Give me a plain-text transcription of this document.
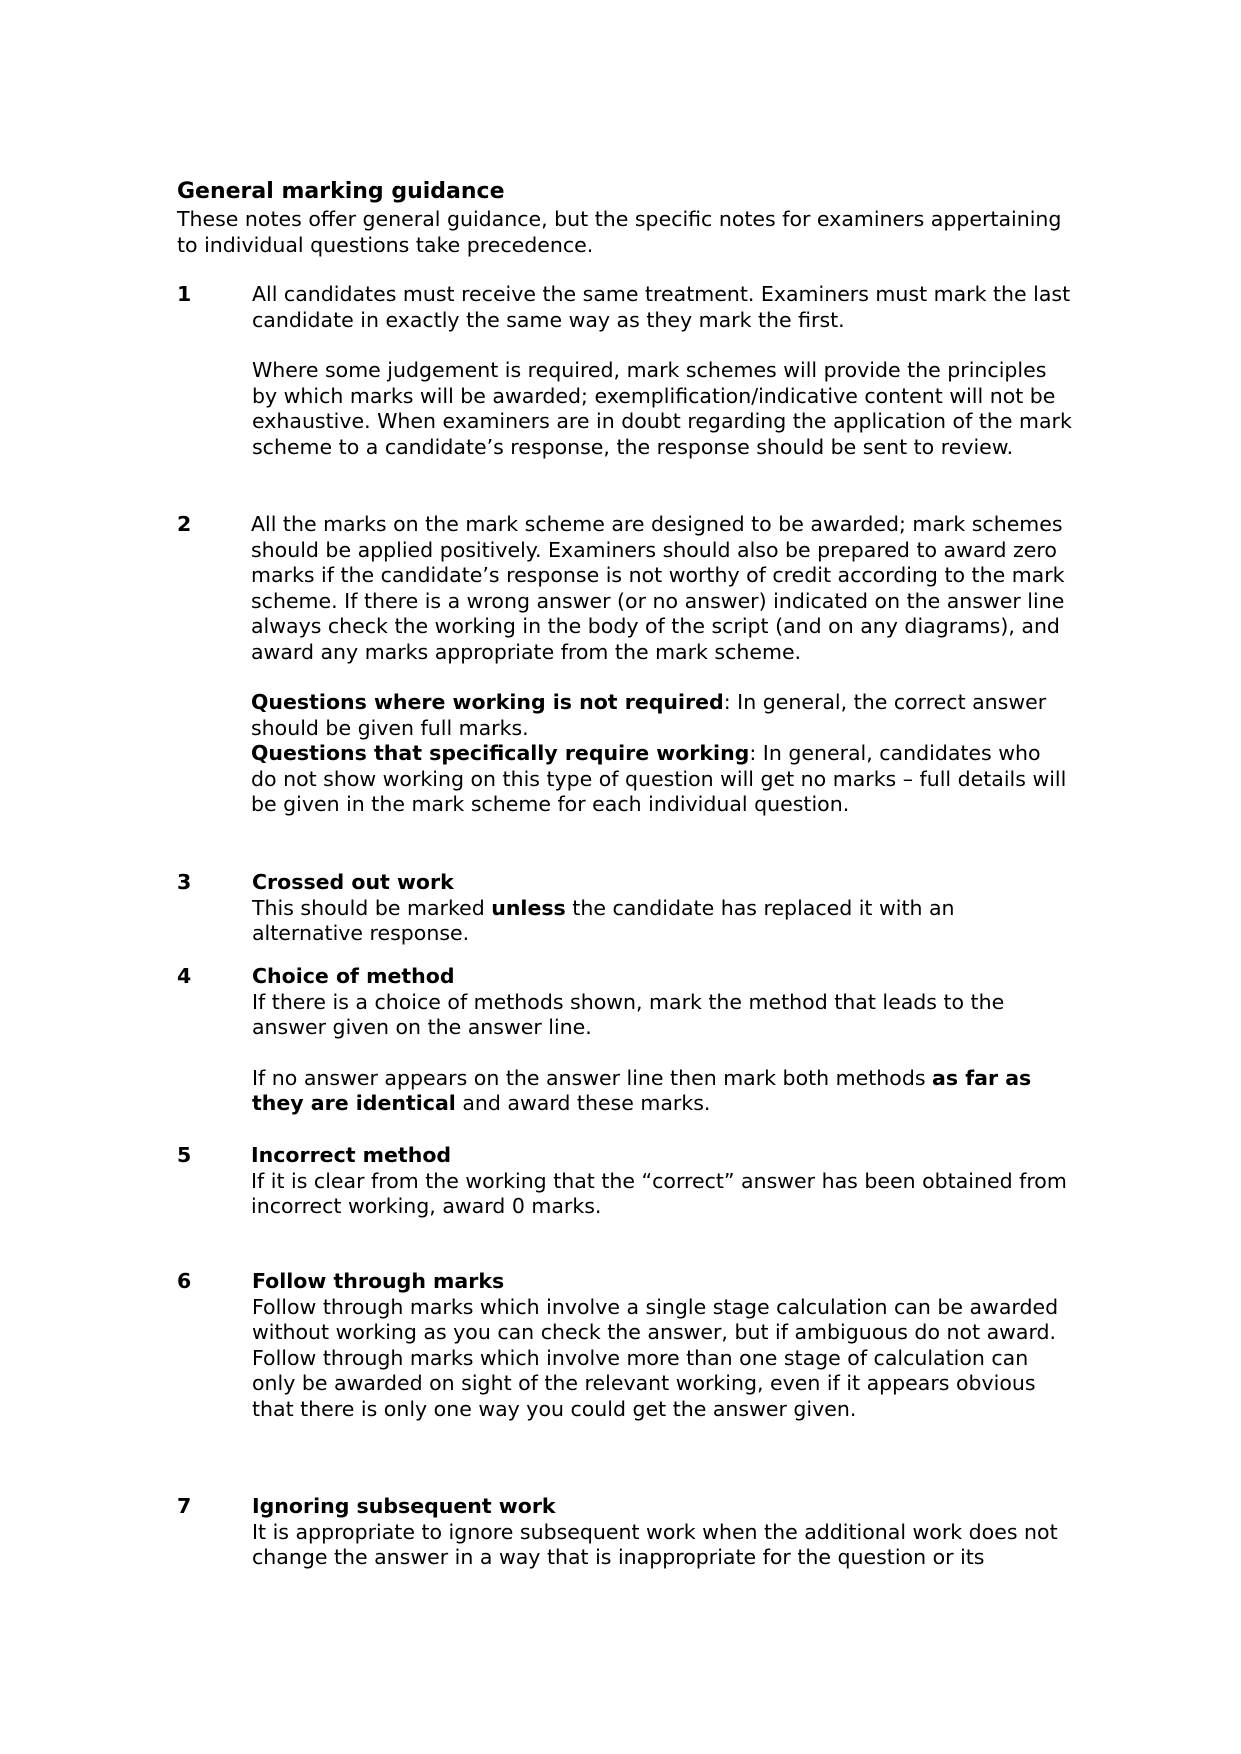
General marking guidance
These notes offer general guidance, but the specific notes for examiners appertaining to individual questions take precedence.
1	All candidates must receive the same treatment. Examiners must mark the last candidate in exactly the same way as they mark the first.

Where some judgement is required, mark schemes will provide the principles by which marks will be awarded; exemplification/indicative content will not be exhaustive. When examiners are in doubt regarding the application of the mark scheme to a candidate’s response, the response should be sent to review.

2	All the marks on the mark scheme are designed to be awarded; mark schemes should be applied positively. Examiners should also be prepared to award zero marks if the candidate’s response is not worthy of credit according to the mark scheme. If there is a wrong answer (or no answer) indicated on the answer line always check the working in the body of the script (and on any diagrams), and award any marks appropriate from the mark scheme.

Questions where working is not required: In general, the correct answer should be given full marks.

Questions that specifically require working: In general, candidates who do not show working on this type of question will get no marks – full details will be given in the mark scheme for each individual question.

3	Crossed out work

This should be marked unless the candidate has replaced it with an alternative response.

4	Choice of method

If there is a choice of methods shown, mark the method that leads to the answer given on the answer line.

If no answer appears on the answer line then mark both methods as far as they are identical and award these marks.

5	Incorrect method

If it is clear from the working that the “correct” answer has been obtained from incorrect working, award 0 marks.

6	Follow through marks

Follow through marks which involve a single stage calculation can be awarded without working as you can check the answer, but if ambiguous do not award.

Follow through marks which involve more than one stage of calculation can only be awarded on sight of the relevant working, even if it appears obvious that there is only one way you could get the answer given.

7	Ignoring subsequent work

It is appropriate to ignore subsequent work when the additional work does not change the answer in a way that is inappropriate for the question or its
